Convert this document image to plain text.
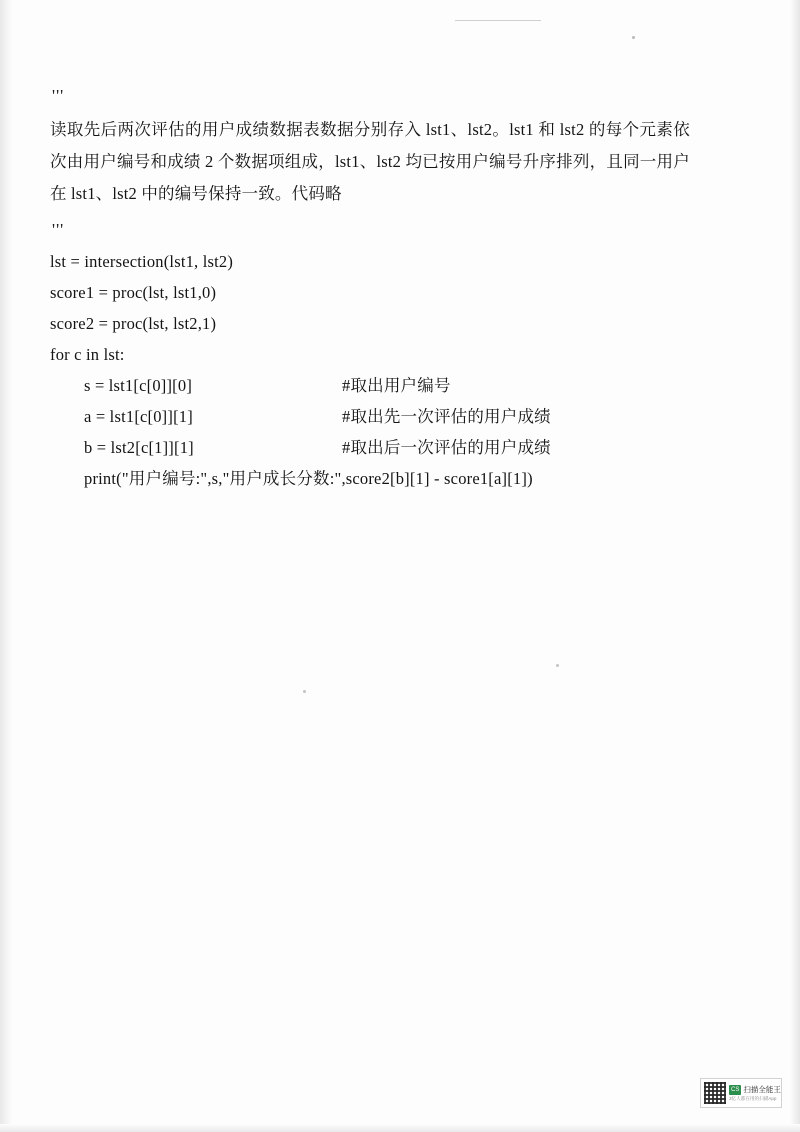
'''

读取先后两次评估的用户成绩数据表数据分别存入 lst1、lst2。lst1 和 lst2 的每个元素依次由用户编号和成绩 2 个数据项组成，lst1、lst2 均已按用户编号升序排列，且同一用户在 lst1、lst2 中的编号保持一致。代码略

'''
lst = intersection(lst1, lst2)
score1 = proc(lst, lst1,0)
score2 = proc(lst, lst2,1)
for c in lst:
s = lst1[c[0]][0]	#取出用户编号
a = lst1[c[0]][1]	#取出先一次评估的用户成绩
b = lst2[c[1]][1]	#取出后一次评估的用户成绩
print("用户编号:",s,"用户成长分数:",score2[b][1] - score1[a][1])
CS 扫描全能王
3亿人都在用的扫描App
